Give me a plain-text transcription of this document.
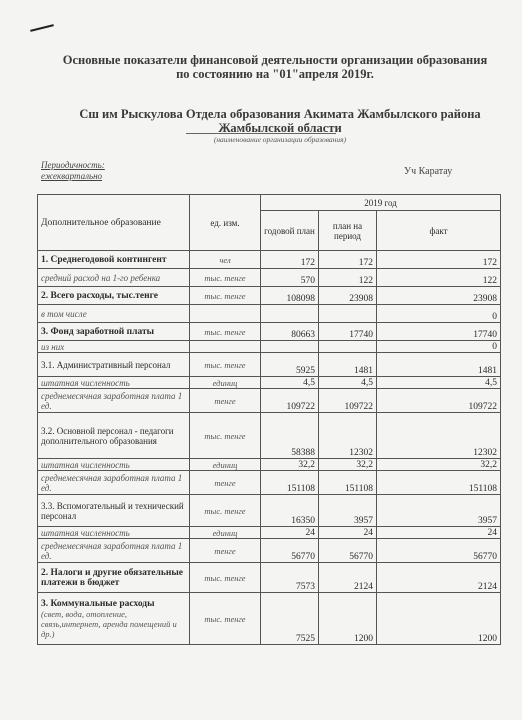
Основные показатели финансовой деятельности организации образования
по состоянию на "01"апреля 2019г.
Сш им Рыскулова Отдела образования Акимата Жамбылского района
Жамбылской области
(наименование организации образования)
Периодичность:
ежеквартально	Уч Каратау
Дополнительное образование	ед. изм.	2019 год		
		годовой план	план на период	факт

1. Среднегодовой контингент	чел	172	172	172

средний расход на 1-го ребенка	тыс. тенге	570	122	122

2. Всего расходы, тыс.тенге	тыс. тенге	108098	23908	23908

в том числе				0

3. Фонд заработной платы	тыс. тенге	80663	17740	17740

из них				0

3.1. Административный персонал	тыс. тенге	5925	1481	1481

штатная численность	единиц	4,5	4,5	4,5

среднемесячная заработная плата 1 ед.	тенге	109722	109722	109722

3.2. Основной персонал - педагоги дополнительного образования	тыс. тенге	58388	12302	12302

штатная численность	единиц	32,2	32,2	32,2

среднемесячная заработная плата 1 ед.	тенге	151108	151108	151108

3.3. Вспомогательный и технический персонал	тыс. тенге	16350	3957	3957

штатная численность	единиц	24	24	24

среднемесячная заработная плата 1 ед.	тенге	56770	56770	56770

2. Налоги и другие обязательные платежи в бюджет	тыс. тенге	7573	2124	2124

3. Коммунальные расходы
(свет, вода, отопление, связь,интернет, аренда помещений и др.)	тыс. тенге	7525	1200	1200
